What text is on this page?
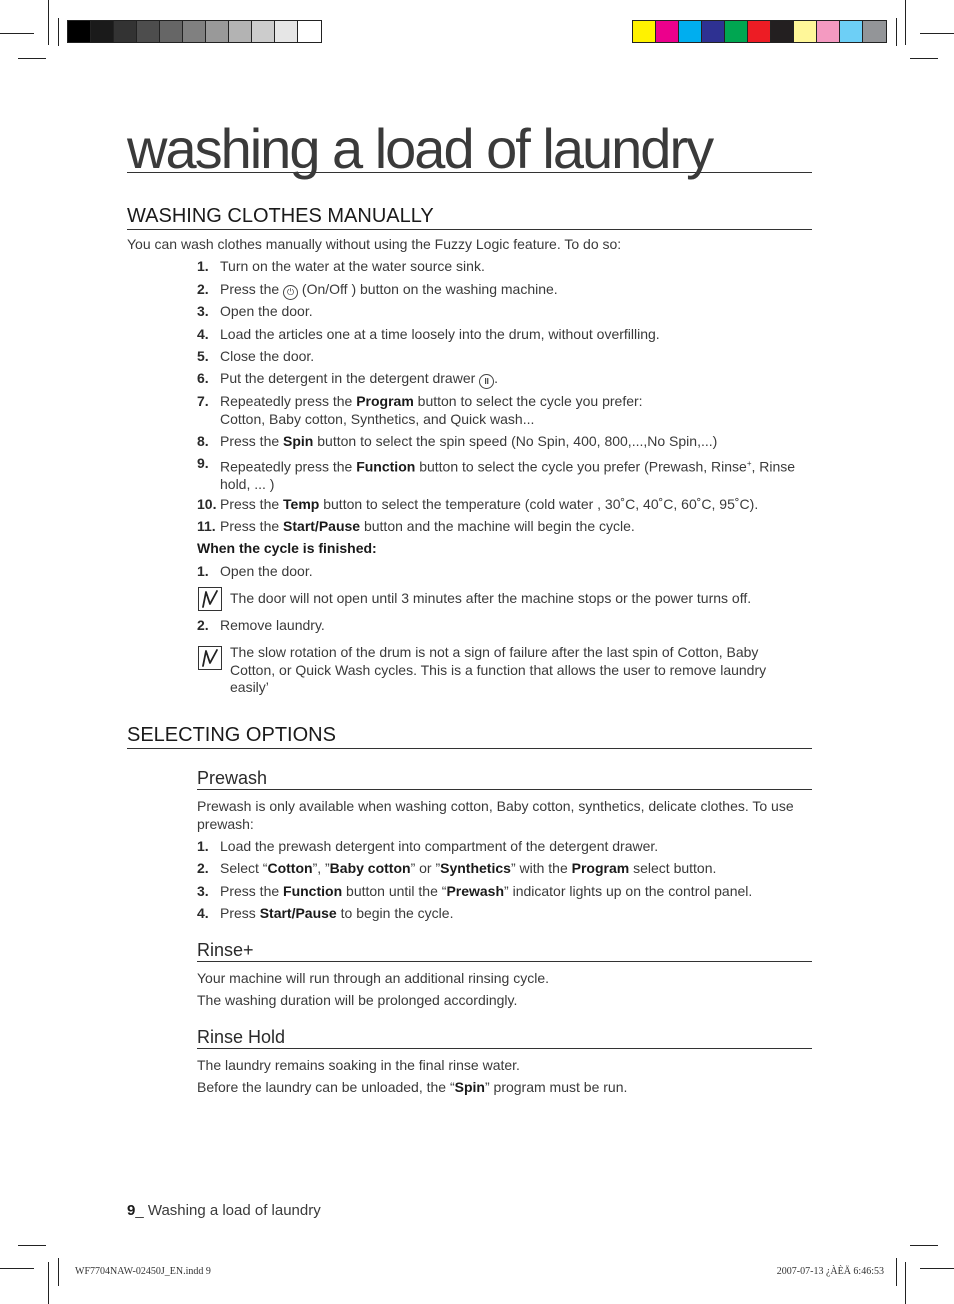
washing a load of laundry
WASHING CLOTHES MANUALLY
You can wash clothes manually without using the Fuzzy Logic feature. To do so:
1. Turn on the water at the water source sink.
2. Press the ⏻ (On/Off ) button on the washing machine.
3. Open the door.
4. Load the articles one at a time loosely into the drum, without overfilling.
5. Close the door.
6. Put the detergent in the detergent drawer II .
7. Repeatedly press the Program button to select the cycle you prefer:
Cotton, Baby cotton, Synthetics, and Quick wash...
8. Press the Spin button to select the spin speed (No Spin, 400, 800,...,No Spin,...)
9. Repeatedly press the Function button to select the cycle you prefer (Prewash, Rinse+, Rinse hold, ... )
10. Press the Temp button to select the temperature (cold water , 30˚C, 40˚C, 60˚C, 95˚C).
11. Press the Start/Pause button and the machine will begin the cycle.
When the cycle is finished:
1. Open the door.
The door will not open until 3 minutes after the machine stops or the power turns off.
2. Remove laundry.
The slow rotation of the drum is not a sign of failure after the last spin of Cotton, Baby Cotton, or Quick Wash cycles. This is a function that allows the user to remove laundry easily’
SELECTING OPTIONS
Prewash
Prewash is only available when washing cotton, Baby cotton, synthetics, delicate clothes. To use prewash:
1. Load the prewash detergent into compartment of the detergent drawer.
2. Select “Cotton”, ”Baby cotton” or ”Synthetics” with the Program select button.
3. Press the Function button until the “Prewash” indicator lights up on the control panel.
4. Press Start/Pause to begin the cycle.
Rinse+
Your machine will run through an additional rinsing cycle.
The washing duration will be prolonged accordingly.
Rinse Hold
The laundry remains soaking in the final rinse water.
Before the laundry can be unloaded, the “Spin” program must be run.
9_ Washing a load of laundry
WF7704NAW-02450J_EN.indd 9	2007-07-13 ¿ÀÈÄ 6:46:53
